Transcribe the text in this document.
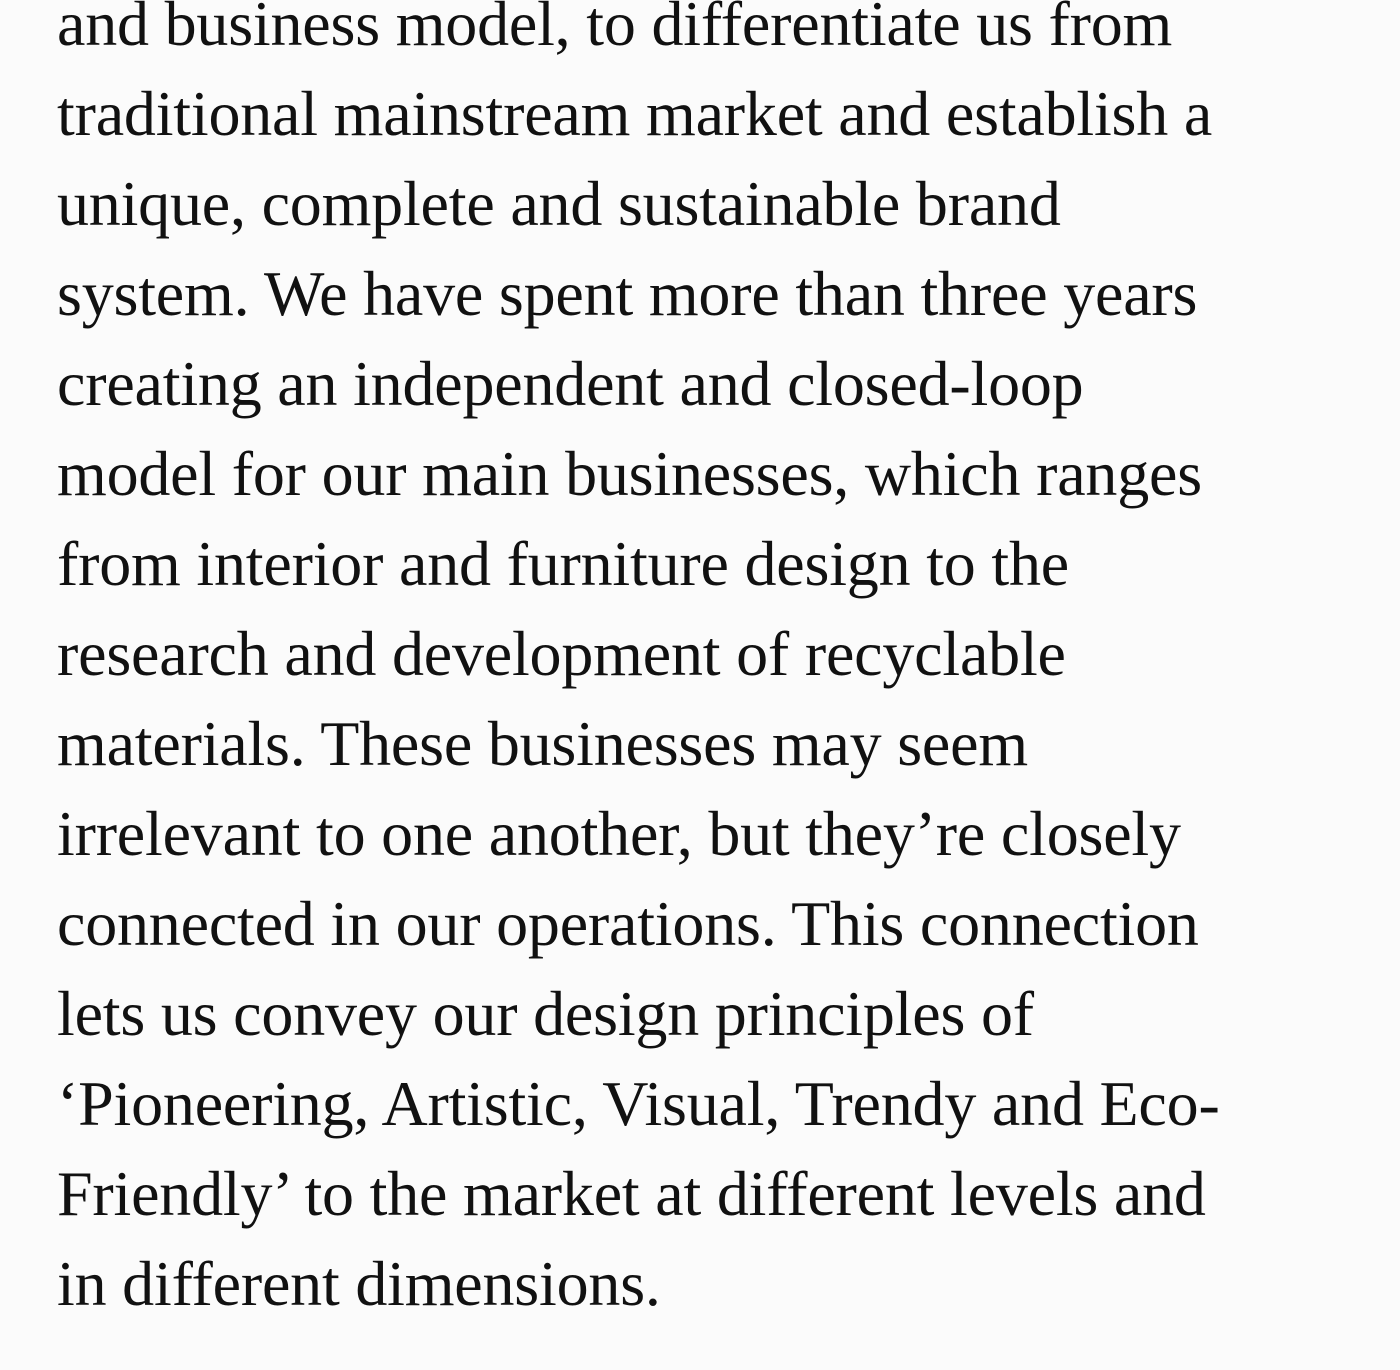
and business model, to differentiate us from
traditional mainstream market and establish a
unique, complete and sustainable brand
system. We have spent more than three years
creating an independent and closed-loop
model for our main businesses, which ranges
from interior and furniture design to the
research and development of recyclable
materials. These businesses may seem
irrelevant to one another, but they’re closely
connected in our operations. This connection
lets us convey our design principles of
‘Pioneering, Artistic, Visual, Trendy and Eco-
Friendly’ to the market at different levels and
in different dimensions.
